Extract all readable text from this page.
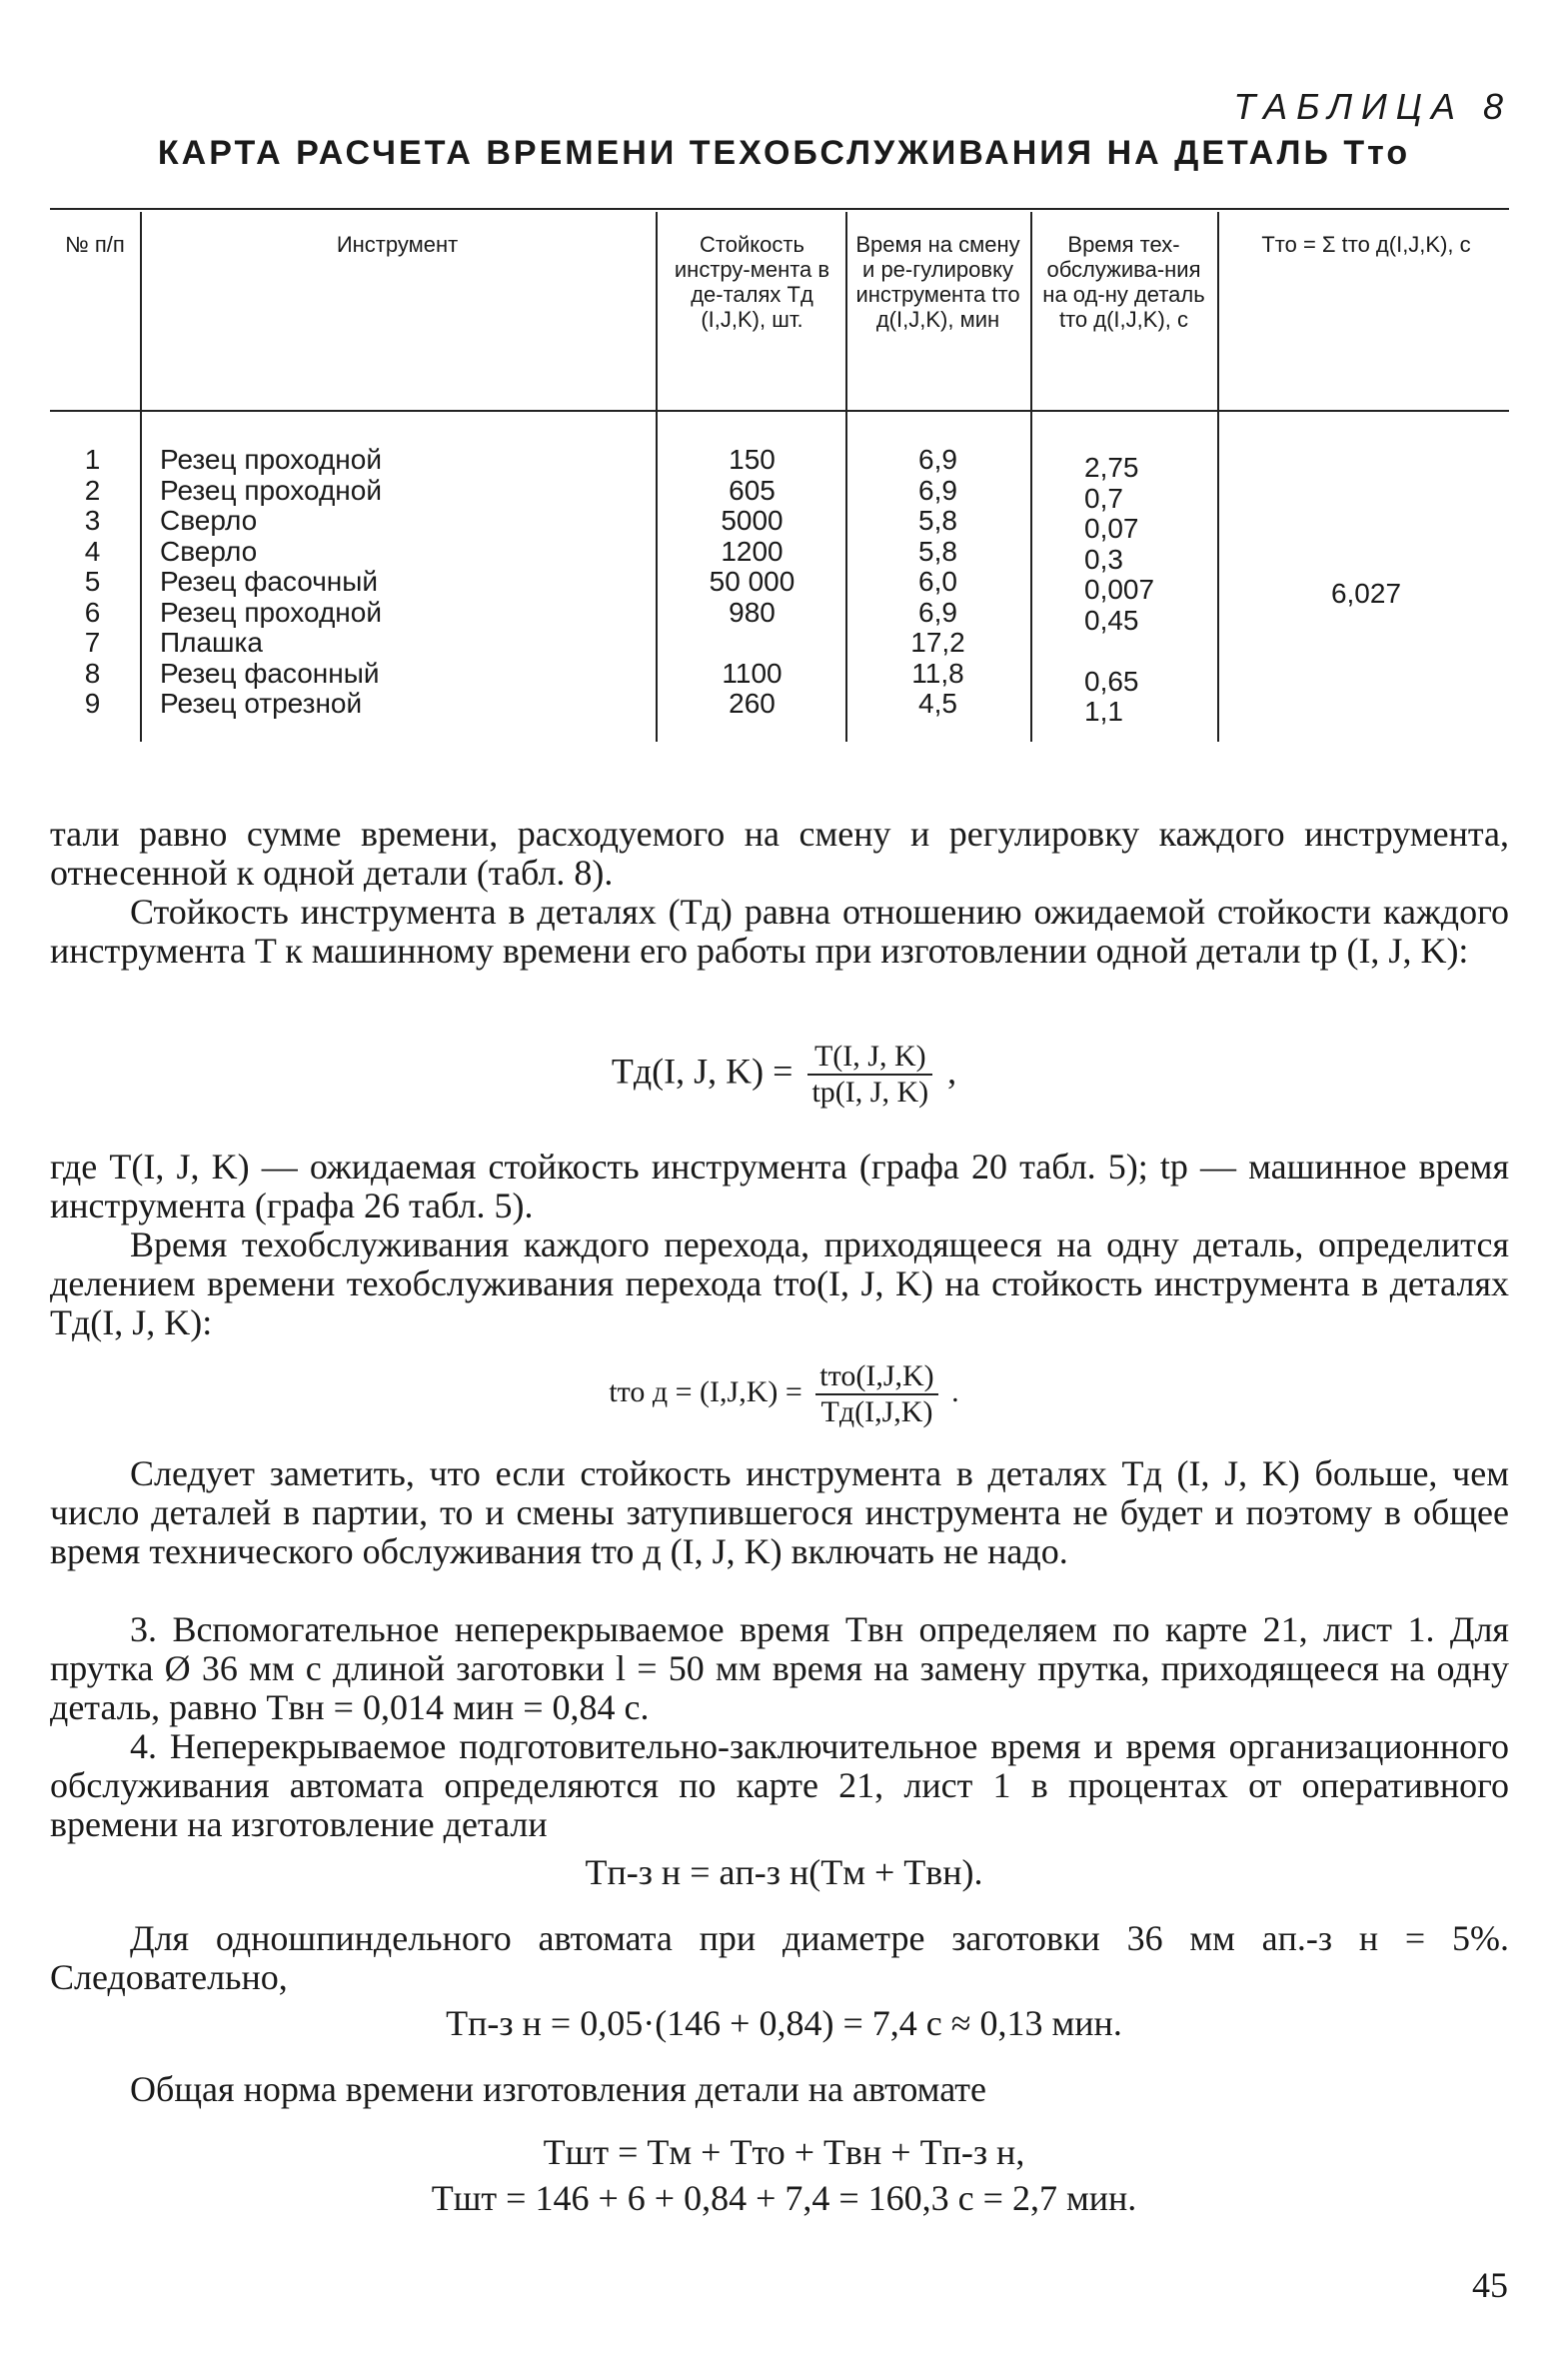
ТАБЛИЦА 8
КАРТА РАСЧЕТА ВРЕМЕНИ ТЕХОБСЛУЖИВАНИЯ НА ДЕТАЛЬ Tто
№ п/п	Инструмент	Стойкость инстру-мента в де-талях Tд (I,J,K), шт.
Время на смену и ре-гулировку инструмента tто д(I,J,K), мин
Время тех-обслужива-ния на од-ну деталь tто д(I,J,K), с
Tто = Σ tто д(I,J,K), с
1
2
3
4
5
6
7
8
9
Резец проходной
Резец проходной
Сверло
Сверло
Резец фасочный
Резец проходной
Плашка
Резец фасонный
Резец отрезной
150
605
5000
1200
50 000
980
1100
260
6,9
6,9
5,8
5,8
6,0
6,9
17,2
11,8
4,5
2,75
0,7
0,07
0,3
0,007
0,45
0,65
1,1
6,027

тали равно сумме времени, расходуемого на смену и регулировку каждого инструмента, отнесенной к одной детали (табл. 8).

Стойкость инструмента в деталях (Tд) равна отношению ожидаемой стойкости каждого инструмента T к машинному времени его работы при изготовлении одной детали tр (I, J, K):

Tд(I, J, $K) = \frac{T(I, J, K)}{tр(I, J, K)}$ ,

где T(I, J, K) — ожидаемая стойкость инструмента (графа 20 табл. 5); tр — машинное время инструмента (графа 26 табл. 5).

Время техобслуживания каждого перехода, приходящееся на одну деталь, определится делением времени техобслуживания перехода tто(I, J, K) на стойкость инструмента в деталях Tд(I, J, K):

tто $д = (I,J,K) = \frac{\text{tто(I,J,K)}}{Tд(I,J,K)}$ .

Следует заметить, что если стойкость инструмента в деталях Tд (I, J, K) больше, чем число деталей в партии, то и смены затупившегося инструмента не будет и поэтому в общее время технического обслуживания tто д (I, J, K) включать не надо.

3. Вспомогательное неперекрываемое время Tвн определяем по карте 21, лист 1. Для прутка Ø 36 мм с длиной заготовки l = 50 мм время на замену прутка, приходящееся на одну деталь, равно Tвн = 0,014 мин = 0,84 с.

4. Неперекрываемое подготовительно-заключительное время и время организационного обслуживания автомата определяются по карте 21, лист 1 в процентах от оперативного времени на изготовление детали

Tп-з н = aп-з н(Tм + Tвн).

Для одношпиндельного автомата при диаметре заготовки 36 мм aп.-з н = 5%. Следовательно,

Tп-з н = 0,05·(146 + 0,84) = 7,4 с ≈ 0,13 мин.

Общая норма времени изготовления детали на автомате

Tшт = Tм + Tто + Tвн + Tп-з н,
Tшт = 146 + 6 + 0,84 + 7,4 = 160,3 с = 2,7 мин.
45
